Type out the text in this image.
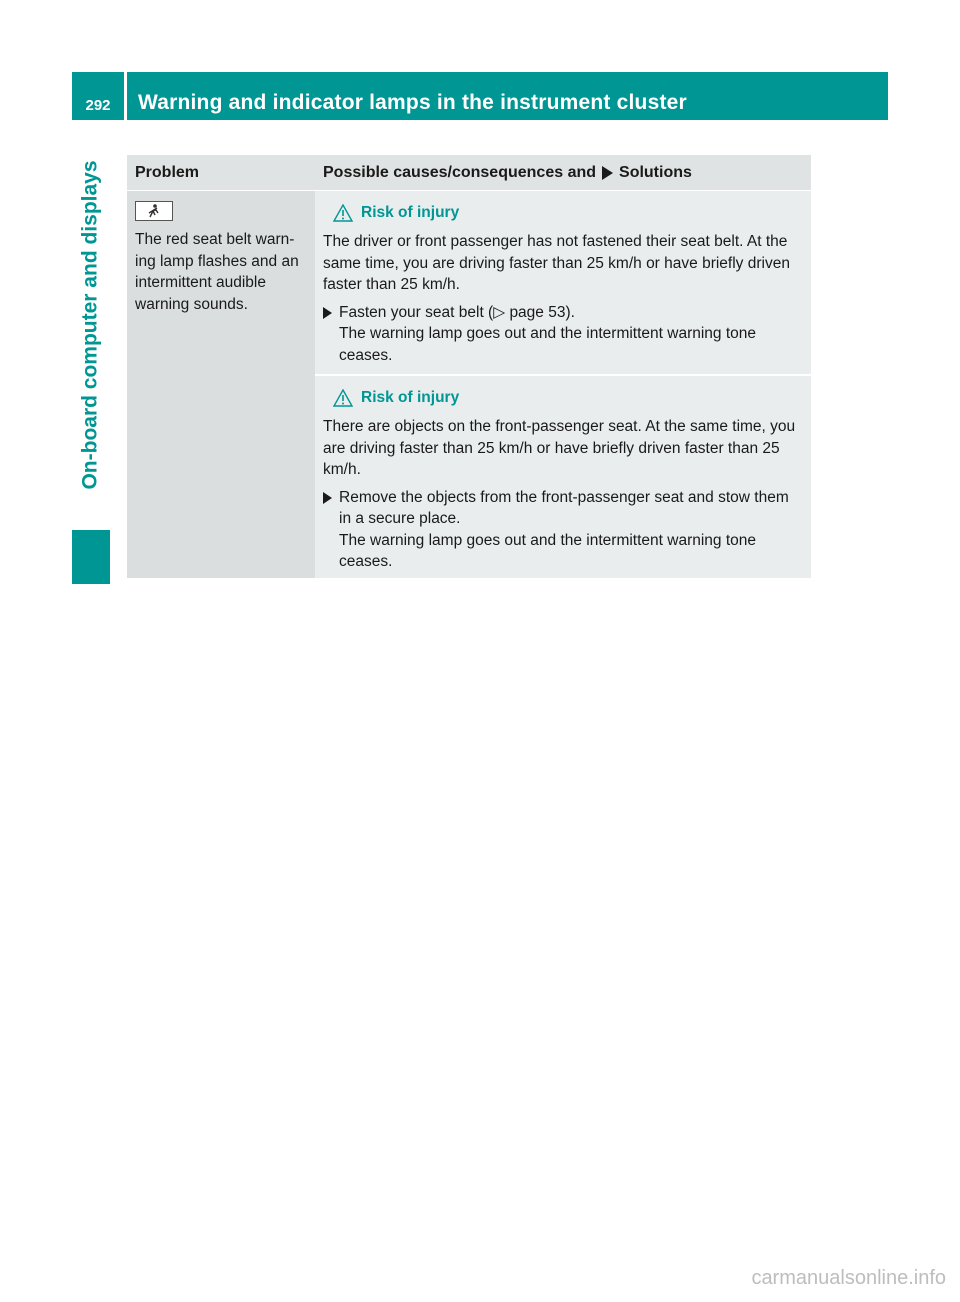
292	Warning and indicator lamps in the instrument cluster
On-board computer and displays	Problem	Possible causes/consequences and Solutions
The red seat belt warn-ing lamp flashes and an intermittent audible warning sounds.
Risk of injury
The driver or front passenger has not fastened their seat belt. At the same time, you are driving faster than 25 km/h or have briefly driven faster than 25 km/h.
Fasten your seat belt (▷ page 53).
The warning lamp goes out and the intermittent warning tone ceases.
Risk of injury
There are objects on the front-passenger seat. At the same time, you are driving faster than 25 km/h or have briefly driven faster than 25 km/h.
Remove the objects from the front-passenger seat and stow them in a secure place.
The warning lamp goes out and the intermittent warning tone ceases.
carmanualsonline.info
